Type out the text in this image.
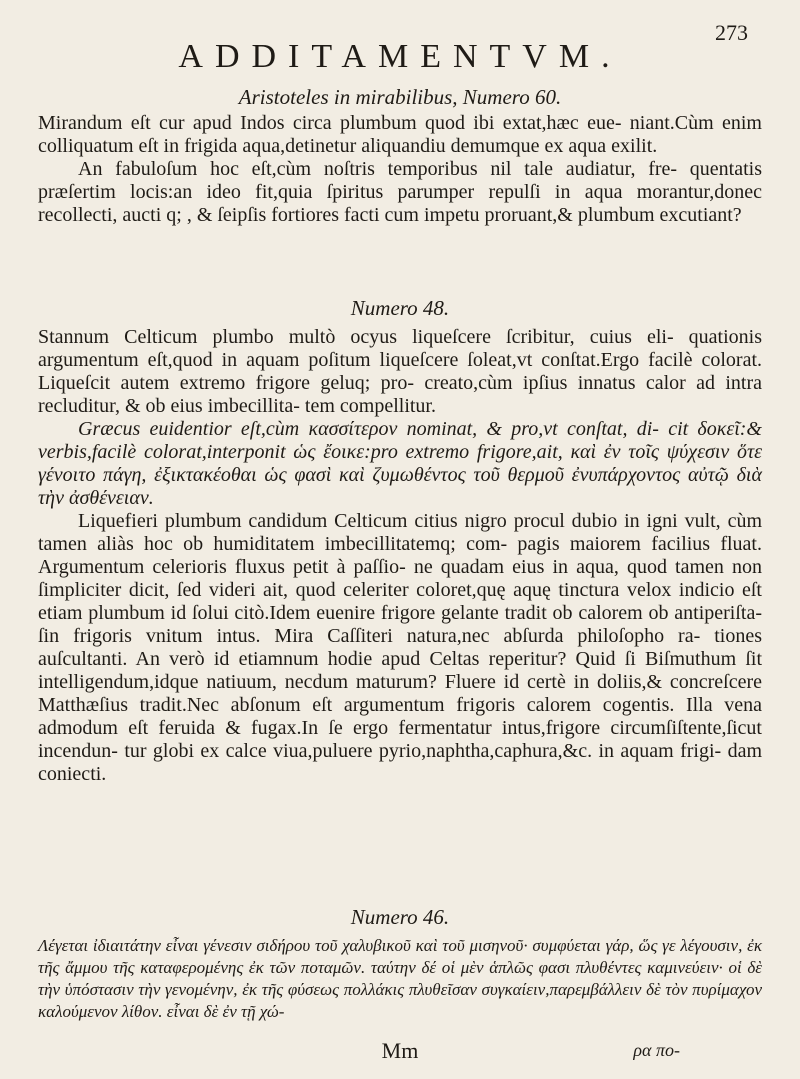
273
ADDITAMENTVM.
Aristoteles in mirabilibus, Numero 60.

Mirandum eſt cur apud Indos circa plumbum quod ibi extat,hæc eue- niant.Cùm enim colliquatum eſt in frigida aqua,detinetur aliquandiu demumque ex aqua exilit.

An fabuloſum hoc eſt,cùm noſtris temporibus nil tale audiatur, fre- quentatis præſertim locis:an ideo fit,quia ſpiritus parumper repulſi in aqua morantur,donec recollecti, aucti q; , & ſeipſis fortiores facti cum impetu proruant,& plumbum excutiant?

Numero 48.

Stannum Celticum plumbo multò ocyus liqueſcere ſcribitur, cuius eli- quationis argumentum eſt,quod in aquam poſitum liqueſcere ſoleat,vt conſtat.Ergo facilè colorat. Liqueſcit autem extremo frigore geluq; pro- creato,cùm ipſius innatus calor ad intra recluditur, & ob eius imbecillita- tem compellitur.

Græcus euidentior eſt,cùm κασσίτερον nominat, & pro,vt conſtat, di- cit δοκεῖ:& verbis,facilè colorat,interponit ὡς ἔοικε:pro extremo frigore,ait, καὶ ἐν τοῖς ψύχεσιν ὅτε γένοιτο πάγη, ἐξικτακέοθαι ὡς φασὶ καὶ ζυμωθέντος τοῦ θερμοῦ ἐνυπάρχοντος αὐτῷ διὰ τὴν ἀσθένειαν.

Liquefieri plumbum candidum Celticum citius nigro procul dubio in igni vult, cùm tamen aliàs hoc ob humiditatem imbecillitatemq; com- pagis maiorem facilius fluat. Argumentum celerioris fluxus petit à paſſio- ne quadam eius in aqua, quod tamen non ſimpliciter dicit, ſed videri ait, quod celeriter coloret,quę aquę tinctura velox indicio eſt etiam plumbum id ſolui citò.Idem euenire frigore gelante tradit ob calorem ob antiperiſta- ſin frigoris vnitum intus. Mira Caſſiteri natura,nec abſurda philoſopho ra- tiones auſcultanti. An verò id etiamnum hodie apud Celtas reperitur? Quid ſi Biſmuthum ſit intelligendum,idque natiuum, necdum maturum? Fluere id certè in doliis,& concreſcere Matthæſius tradit.Nec abſonum eſt argumentum frigoris calorem cogentis. Illa vena admodum eſt feruida & fugax.In ſe ergo fermentatur intus,frigore circumſiſtente,ſicut incendun- tur globi ex calce viua,puluere pyrio,naphtha,caphura,&c. in aquam frigi- dam coniecti.

Numero 46.

Λέγεται ἰδιαιτάτην εἶναι γένεσιν σιδήρου τοῦ χαλυβικοῦ καὶ τοῦ μισηνοῦ· συμφύεται γάρ, ὥς γε λέγουσιν, ἐκ τῆς ἄμμου τῆς καταφερομένης ἐκ τῶν ποταμῶν. ταύτην δέ οἱ μὲν ἁπλῶς φασι πλυθέντες καμινεύειν· οἱ δὲ τὴν ὑπόστασιν τὴν γενομένην, ἐκ τῆς φύσεως πολλάκις πλυθεῖσαν συγκαίειν,παρεμβάλλειν δὲ τὸν πυρίμαχον καλούμενον λίθον. εἶναι δὲ ἐν τῇ χώ-

Mm	ρα πο-
